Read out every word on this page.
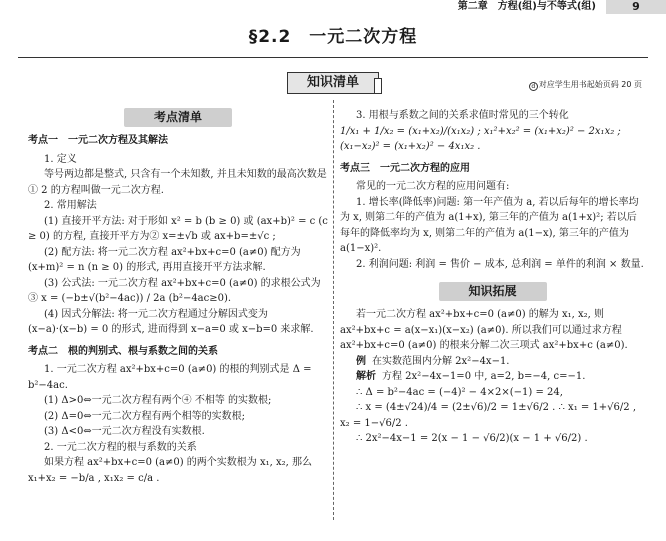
第二章　方程(组)与不等式(组)	9
§2.2　一元二次方程
知识清单	d 对应学生用书起始页码 20 页
考点清单
考点一 一元二次方程及其解法

1. 定义

等号两边都是整式, 只含有一个未知数, 并且未知数的最高次数是① 2 的方程叫做一元二次方程.

2. 常用解法

(1) 直接开平方法: 对于形如 x² = b (b ≥ 0) 或 (ax+b)² = c (c ≥ 0) 的方程, 直接开平方为② x=±√b 或 ax+b=±√c ;

(2) 配方法: 将一元二次方程 ax²+bx+c=0 (a≠0) 配方为 (x+m)² = n (n ≥ 0) 的形式, 再用直接开平方法求解.

(3) 公式法: 一元二次方程 ax²+bx+c=0 (a≠0) 的求根公式为③ x = (−b±√(b²−4ac)) / 2a (b²−4ac≥0).

(4) 因式分解法: 将一元二次方程通过分解因式变为 (x−a)·(x−b) = 0 的形式, 进而得到 x−a=0 或 x−b=0 来求解.

考点二 根的判别式、根与系数之间的关系

1. 一元二次方程 ax²+bx+c=0 (a≠0) 的根的判别式是 Δ = b²−4ac.

(1) Δ>0⇔一元二次方程有两个④ 不相等 的实数根;

(2) Δ=0⇔一元二次方程有两个相等的实数根;

(3) Δ<0⇔一元二次方程没有实数根.

2. 一元二次方程的根与系数的关系

如果方程 ax²+bx+c=0 (a≠0) 的两个实数根为 x₁, x₂, 那么 x₁+x₂ = −b/a , x₁x₂ = c/a .

3. 用根与系数之间的关系求值时常见的三个转化

1/x₁ + 1/x₂ = (x₁+x₂)/(x₁x₂) ; x₁²+x₂² = (x₁+x₂)² − 2x₁x₂ ; (x₁−x₂)² = (x₁+x₂)² − 4x₁x₂ .

考点三 一元二次方程的应用

常见的一元二次方程的应用问题有:

1. 增长率(降低率)问题: 第一年产值为 a, 若以后每年的增长率均为 x, 则第二年的产值为 a(1+x), 第三年的产值为 a(1+x)²; 若以后每年的降低率均为 x, 则第二年的产值为 a(1−x), 第三年的产值为 a(1−x)².

2. 利润问题: 利润 = 售价 − 成本, 总利润 = 单件的利润 × 数量.

知识拓展

若一元二次方程 ax²+bx+c=0 (a≠0) 的解为 x₁, x₂, 则 ax²+bx+c = a(x−x₁)(x−x₂) (a≠0). 所以我们可以通过求方程 ax²+bx+c=0 (a≠0) 的根来分解二次三项式 ax²+bx+c (a≠0).

例 在实数范围内分解 2x²−4x−1.

解析 方程 2x²−4x−1=0 中, a=2, b=−4, c=−1.

∴ Δ = b²−4ac = (−4)² − 4×2×(−1) = 24,

∴ x = (4±√24)/4 = (2±√6)/2 = 1±√6/2 . ∴ x₁ = 1+√6/2 , x₂ = 1−√6/2 .

∴ 2x²−4x−1 = 2(x − 1 − √6/2)(x − 1 + √6/2) .
